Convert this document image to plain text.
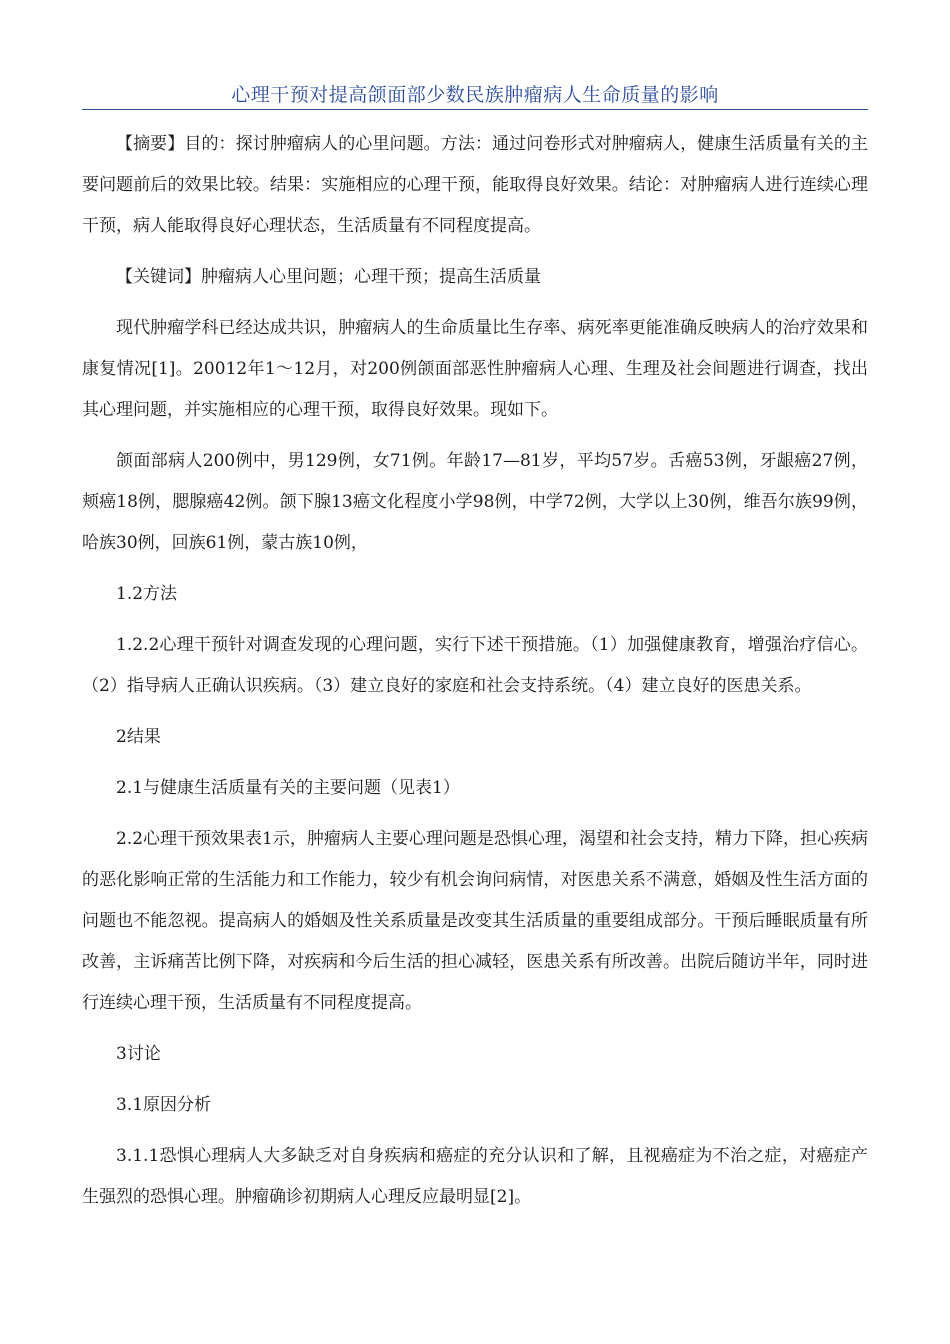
心理干预对提高颌面部少数民族肿瘤病人生命质量的影响

【摘要】目的：探讨肿瘤病人的心里问题。方法：通过问卷形式对肿瘤病人，健康生活质量有关的主要问题前后的效果比较。结果：实施相应的心理干预，能取得良好效果。结论：对肿瘤病人进行连续心理干预，病人能取得良好心理状态，生活质量有不同程度提高。

【关键词】肿瘤病人心里问题；心理干预；提高生活质量

现代肿瘤学科已经达成共识，肿瘤病人的生命质量比生存率、病死率更能准确反映病人的治疗效果和康复情况[1]。20012年1～12月，对200例颌面部恶性肿瘤病人心理、生理及社会间题进行调查，找出其心理问题，并实施相应的心理干预，取得良好效果。现如下。

颌面部病人200例中，男129例，女71例。年龄17—81岁，平均57岁。舌癌53例，牙龈癌27例，颊癌18例，腮腺癌42例。颌下腺13癌文化程度小学98例，中学72例，大学以上30例，维吾尔族99例，哈族30例，回族61例，蒙古族10例，

1.2方法

1.2.2心理干预针对调查发现的心理问题，实行下述干预措施。（1）加强健康教育，增强治疗信心。（2）指导病人正确认识疾病。（3）建立良好的家庭和社会支持系统。（4）建立良好的医患关系。

2结果

2.1与健康生活质量有关的主要问题（见表1）

2.2心理干预效果表1示，肿瘤病人主要心理问题是恐惧心理，渴望和社会支持，精力下降，担心疾病的恶化影响正常的生活能力和工作能力，较少有机会询问病情，对医患关系不满意，婚姻及性生活方面的问题也不能忽视。提高病人的婚姻及性关系质量是改变其生活质量的重要组成部分。干预后睡眠质量有所改善，主诉痛苦比例下降，对疾病和今后生活的担心减轻，医患关系有所改善。出院后随访半年，同时进行连续心理干预，生活质量有不同程度提高。

3讨论

3.1原因分析

3.1.1恐惧心理病人大多缺乏对自身疾病和癌症的充分认识和了解，且视癌症为不治之症，对癌症产生强烈的恐惧心理。肿瘤确诊初期病人心理反应最明显[2]。
